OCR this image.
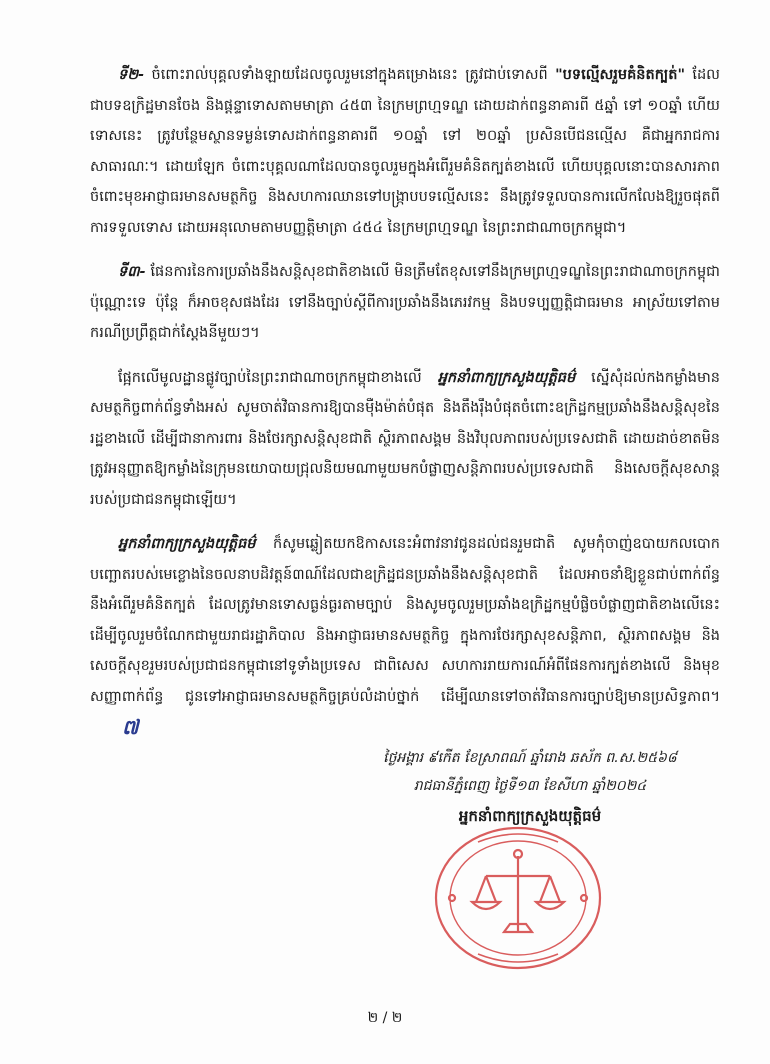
ទី២- ចំពោះរាល់បុគ្គលទាំងឡាយដែលចូលរួមនៅក្នុងគម្រោងនេះ ត្រូវជាប់ទោសពី "បទល្មើសរួមគំនិតក្បត់" ដែលជាបទឧក្រិដ្ឋមានចែង និងផ្តន្ទាទោសតាមមាត្រា ៤៥៣ នៃក្រមព្រហ្មទណ្ឌ ដោយដាក់ពន្ធនាគារពី ៥ឆ្នាំ ទៅ ១០ឆ្នាំ ហើយទោសនេះ ត្រូវបន្ថែមស្ថានទម្ងន់ទោសដាក់ពន្ធនាគារពី ១០ឆ្នាំ ទៅ ២០ឆ្នាំ ប្រសិនបើជនល្មើស គឺជាអ្នករាជការសាធារណៈ។ ដោយឡែក ចំពោះបុគ្គលណាដែលបានចូលរួមក្នុងអំពើរួមគំនិតក្បត់ខាងលើ ហើយបុគ្គលនោះបានសារភាពចំពោះមុខអាជ្ញាធរមានសមត្ថកិច្ច និងសហការឈានទៅបង្ក្រាបបទល្មើសនេះ នឹងត្រូវទទួលបានការលើកលែងឱ្យរួចផុតពីការទទួលទោស ដោយអនុលោមតាមបញ្ញត្តិមាត្រា ៤៥៤ នៃក្រមព្រហ្មទណ្ឌ នៃព្រះរាជាណាចក្រកម្ពុជា។

ទី៣- ផែនការនៃការប្រឆាំងនឹងសន្តិសុខជាតិខាងលើ មិនត្រឹមតែខុសទៅនឹងក្រមព្រហ្មទណ្ឌនៃព្រះរាជាណាចក្រកម្ពុជាប៉ុណ្ណោះទេ ប៉ុន្តែ ក៏អាចខុសផងដែរ ទៅនឹងច្បាប់ស្តីពីការប្រឆាំងនឹងភេរវកម្ម និងបទប្បញ្ញត្តិជាធរមាន អាស្រ័យទៅតាមករណីប្រព្រឹត្តជាក់ស្តែងនីមួយៗ។

ផ្អែកលើមូលដ្ឋានផ្លូវច្បាប់នៃព្រះរាជាណាចក្រកម្ពុជាខាងលើ អ្នកនាំពាក្យក្រសួងយុត្តិធម៌ ស្នើសុំដល់កងកម្លាំងមានសមត្ថកិច្ចពាក់ព័ន្ធទាំងអស់ សូមចាត់វិធានការឱ្យបានម៉ឺងម៉ាត់បំផុត និងតឹងរ៉ឹងបំផុតចំពោះឧក្រិដ្ឋកម្មប្រឆាំងនឹងសន្តិសុខនៃរដ្ឋខាងលើ ដើម្បីជានាការពារ និងថែរក្សាសន្តិសុខជាតិ ស្ថិរភាពសង្គម និងវិបុលភាពរបស់ប្រទេសជាតិ ដោយដាច់ខាតមិនត្រូវអនុញ្ញាតឱ្យកម្លាំងនៃក្រុមនយោបាយជ្រុលនិយមណាមួយមកបំផ្លាញសន្តិភាពរបស់ប្រទេសជាតិ និងសេចក្តីសុខសាន្តរបស់ប្រជាជនកម្ពុជាឡើយ។

អ្នកនាំពាក្យក្រសួងយុត្តិធម៌ ក៏សូមឆ្លៀតយកឱកាសនេះអំពាវនាវជូនដល់ជនរួមជាតិ សូមកុំចាញ់ឧបាយកលបោកបញ្ឆោតរបស់មេខ្លោងនៃចលនាបដិវត្តន៍៣ណ៍ដែលជាឧក្រិដ្ឋជនប្រឆាំងនឹងសន្តិសុខជាតិ ដែលអាចនាំឱ្យខ្លួនជាប់ពាក់ព័ន្ធនឹងអំពើរួមគំនិតក្បត់ ដែលត្រូវមានទោសធ្ងន់ធ្ងរតាមច្បាប់ និងសូមចូលរួមប្រឆាំងឧក្រិដ្ឋកម្មបំផ្លិចបំផ្លាញជាតិខាងលើនេះ ដើម្បីចូលរួមចំណែកជាមួយរាជរដ្ឋាភិបាល និងអាជ្ញាធរមានសមត្ថកិច្ច ក្នុងការថែរក្សាសុខសន្តិភាព, ស្ថិរភាពសង្គម និងសេចក្តីសុខរួមរបស់ប្រជាជនកម្ពុជានៅទូទាំងប្រទេស ជាពិសេស សហការរាយការណ៍អំពីផែនការក្បត់ខាងលើ និងមុខសញ្ញាពាក់ព័ន្ធ ជូនទៅអាជ្ញាធរមានសមត្ថកិច្ចគ្រប់លំដាប់ថ្នាក់ ដើម្បីឈានទៅចាត់វិធានការច្បាប់ឱ្យមានប្រសិទ្ធភាព។៧

ថ្ងៃអង្គារ ៩កើត ខែស្រាពណ៍ ឆ្នាំរោង ឆស័ក ព.ស.២៥៦៨
រាជធានីភ្នំពេញ ថ្ងៃទី១៣ ខែសីហា ឆ្នាំ២០២៤
អ្នកនាំពាក្យក្រសួងយុត្តិធម៌
២ / ២
